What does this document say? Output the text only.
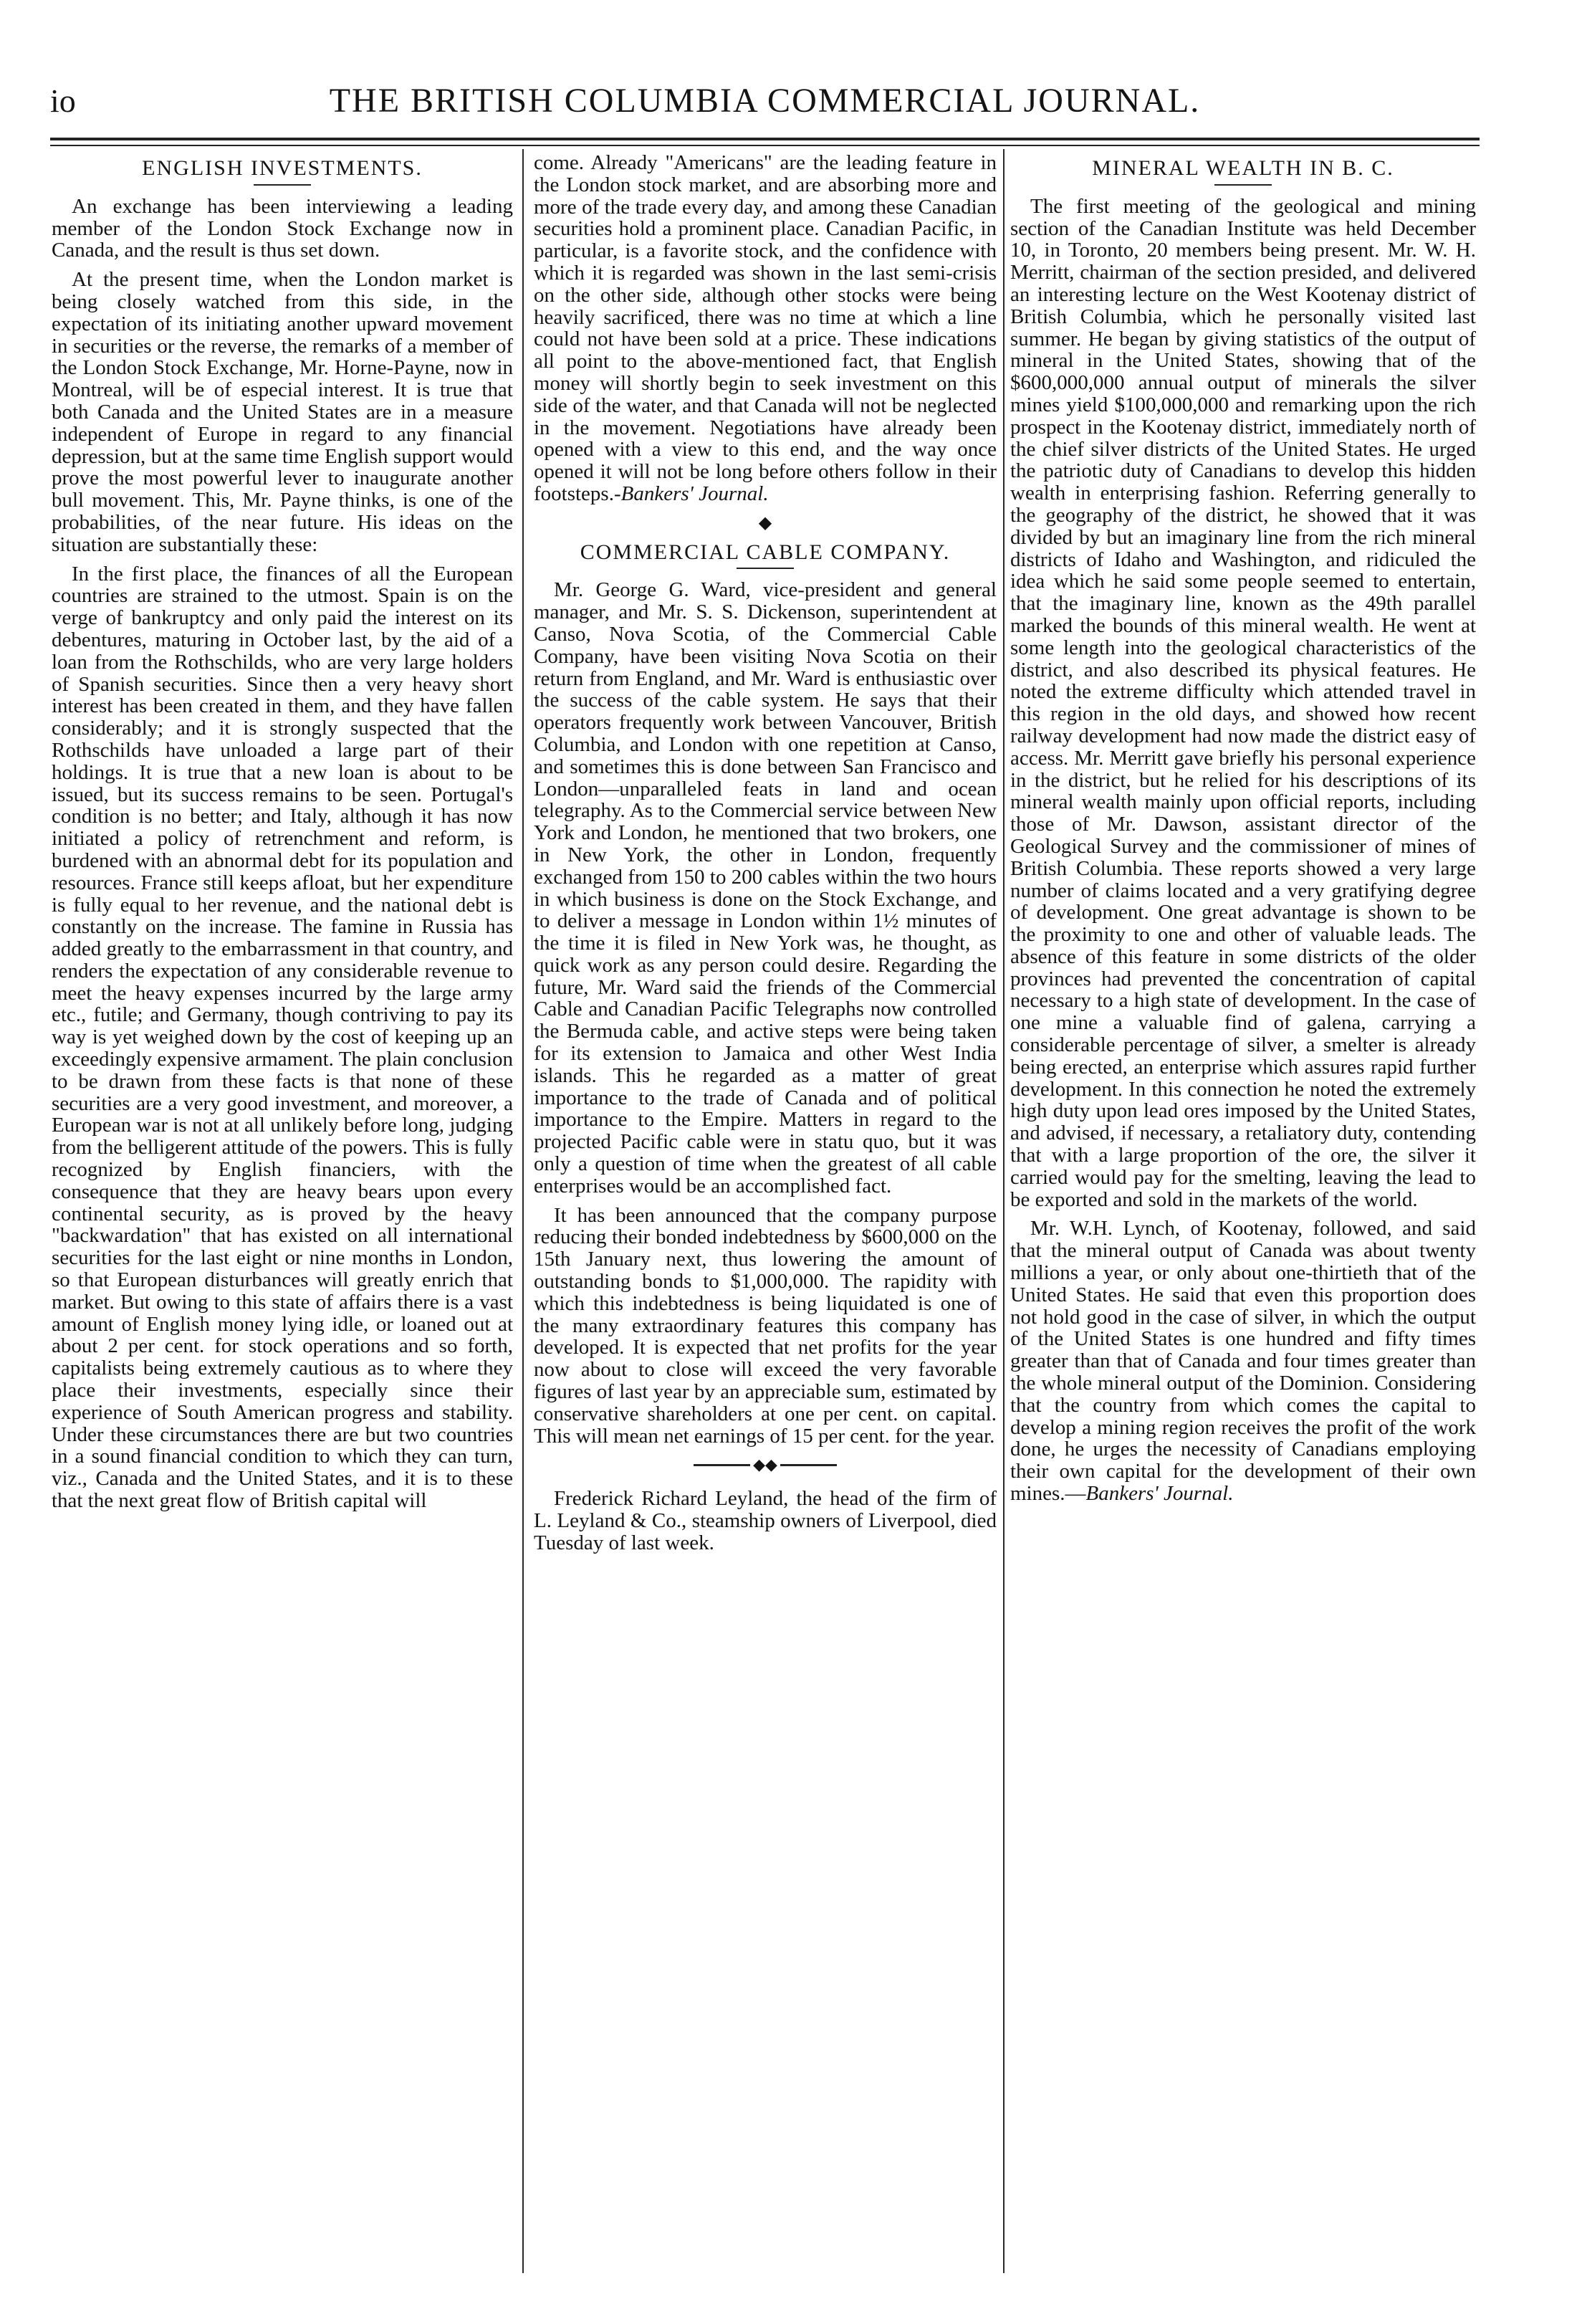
io	THE BRITISH COLUMBIA COMMERCIAL JOURNAL.
ENGLISH INVESTMENTS.

An exchange has been interviewing a leading member of the London Stock Exchange now in Canada, and the result is thus set down.

At the present time, when the London market is being closely watched from this side, in the expectation of its initiating another upward movement in securities or the reverse, the remarks of a member of the London Stock Exchange, Mr. Horne-Payne, now in Montreal, will be of especial interest. It is true that both Canada and the United States are in a measure independent of Europe in regard to any financial depression, but at the same time English support would prove the most powerful lever to inaugurate another bull movement. This, Mr. Payne thinks, is one of the probabilities, of the near future. His ideas on the situation are substantially these:

In the first place, the finances of all the European countries are strained to the utmost. Spain is on the verge of bankruptcy and only paid the interest on its debentures, maturing in October last, by the aid of a loan from the Rothschilds, who are very large holders of Spanish securities. Since then a very heavy short interest has been created in them, and they have fallen considerably; and it is strongly suspected that the Rothschilds have unloaded a large part of their holdings. It is true that a new loan is about to be issued, but its success remains to be seen. Portugal's condition is no better; and Italy, although it has now initiated a policy of retrenchment and reform, is burdened with an abnormal debt for its population and resources. France still keeps afloat, but her expenditure is fully equal to her revenue, and the national debt is constantly on the increase. The famine in Russia has added greatly to the embarrassment in that country, and renders the expectation of any considerable revenue to meet the heavy expenses incurred by the large army etc., futile; and Germany, though contriving to pay its way is yet weighed down by the cost of keeping up an exceedingly expensive armament. The plain conclusion to be drawn from these facts is that none of these securities are a very good investment, and moreover, a European war is not at all unlikely before long, judging from the belligerent attitude of the powers. This is fully recognized by English financiers, with the consequence that they are heavy bears upon every continental security, as is proved by the heavy "backwardation" that has existed on all international securities for the last eight or nine months in London, so that European disturbances will greatly enrich that market. But owing to this state of affairs there is a vast amount of English money lying idle, or loaned out at about 2 per cent. for stock operations and so forth, capitalists being extremely cautious as to where they place their investments, especially since their experience of South American progress and stability. Under these circumstances there are but two countries in a sound financial condition to which they can turn, viz., Canada and the United States, and it is to these that the next great flow of British capital will

come. Already "Americans" are the leading feature in the London stock market, and are absorbing more and more of the trade every day, and among these Canadian securities hold a prominent place. Canadian Pacific, in particular, is a favorite stock, and the confidence with which it is regarded was shown in the last semi-crisis on the other side, although other stocks were being heavily sacrificed, there was no time at which a line could not have been sold at a price. These indications all point to the above-mentioned fact, that English money will shortly begin to seek investment on this side of the water, and that Canada will not be neglected in the movement. Negotiations have already been opened with a view to this end, and the way once opened it will not be long before others follow in their footsteps.-Bankers' Journal.

◆
COMMERCIAL CABLE COMPANY.

Mr. George G. Ward, vice-president and general manager, and Mr. S. S. Dickenson, superintendent at Canso, Nova Scotia, of the Commercial Cable Company, have been visiting Nova Scotia on their return from England, and Mr. Ward is enthusiastic over the success of the cable system. He says that their operators frequently work between Vancouver, British Columbia, and London with one repetition at Canso, and sometimes this is done between San Francisco and London—unparalleled feats in land and ocean telegraphy. As to the Commercial service between New York and London, he mentioned that two brokers, one in New York, the other in London, frequently exchanged from 150 to 200 cables within the two hours in which business is done on the Stock Exchange, and to deliver a message in London within 1½ minutes of the time it is filed in New York was, he thought, as quick work as any person could desire. Regarding the future, Mr. Ward said the friends of the Commercial Cable and Canadian Pacific Telegraphs now controlled the Bermuda cable, and active steps were being taken for its extension to Jamaica and other West India islands. This he regarded as a matter of great importance to the trade of Canada and of political importance to the Empire. Matters in regard to the projected Pacific cable were in statu quo, but it was only a question of time when the greatest of all cable enterprises would be an accomplished fact.

It has been announced that the company purpose reducing their bonded indebtedness by $600,000 on the 15th January next, thus lowering the amount of outstanding bonds to $1,000,000. The rapidity with which this indebtedness is being liquidated is one of the many extraordinary features this company has developed. It is expected that net profits for the year now about to close will exceed the very favorable figures of last year by an appreciable sum, estimated by conservative shareholders at one per cent. on capital. This will mean net earnings of 15 per cent. for the year.

◆◆

Frederick Richard Leyland, the head of the firm of L. Leyland & Co., steamship owners of Liverpool, died Tuesday of last week.

MINERAL WEALTH IN B. C.

The first meeting of the geological and mining section of the Canadian Institute was held December 10, in Toronto, 20 members being present. Mr. W. H. Merritt, chairman of the section presided, and delivered an interesting lecture on the West Kootenay district of British Columbia, which he personally visited last summer. He began by giving statistics of the output of mineral in the United States, showing that of the $600,000,000 annual output of minerals the silver mines yield $100,000,000 and remarking upon the rich prospect in the Kootenay district, immediately north of the chief silver districts of the United States. He urged the patriotic duty of Canadians to develop this hidden wealth in enterprising fashion. Referring generally to the geography of the district, he showed that it was divided by but an imaginary line from the rich mineral districts of Idaho and Washington, and ridiculed the idea which he said some people seemed to entertain, that the imaginary line, known as the 49th parallel marked the bounds of this mineral wealth. He went at some length into the geological characteristics of the district, and also described its physical features. He noted the extreme difficulty which attended travel in this region in the old days, and showed how recent railway development had now made the district easy of access. Mr. Merritt gave briefly his personal experience in the district, but he relied for his descriptions of its mineral wealth mainly upon official reports, including those of Mr. Dawson, assistant director of the Geological Survey and the commissioner of mines of British Columbia. These reports showed a very large number of claims located and a very gratifying degree of development. One great advantage is shown to be the proximity to one and other of valuable leads. The absence of this feature in some districts of the older provinces had prevented the concentration of capital necessary to a high state of development. In the case of one mine a valuable find of galena, carrying a considerable percentage of silver, a smelter is already being erected, an enterprise which assures rapid further development. In this connection he noted the extremely high duty upon lead ores imposed by the United States, and advised, if necessary, a retaliatory duty, contending that with a large proportion of the ore, the silver it carried would pay for the smelting, leaving the lead to be exported and sold in the markets of the world.

Mr. W.H. Lynch, of Kootenay, followed, and said that the mineral output of Canada was about twenty millions a year, or only about one-thirtieth that of the United States. He said that even this proportion does not hold good in the case of silver, in which the output of the United States is one hundred and fifty times greater than that of Canada and four times greater than the whole mineral output of the Dominion. Considering that the country from which comes the capital to develop a mining region receives the profit of the work done, he urges the necessity of Canadians employing their own capital for the development of their own mines.—Bankers' Journal.
